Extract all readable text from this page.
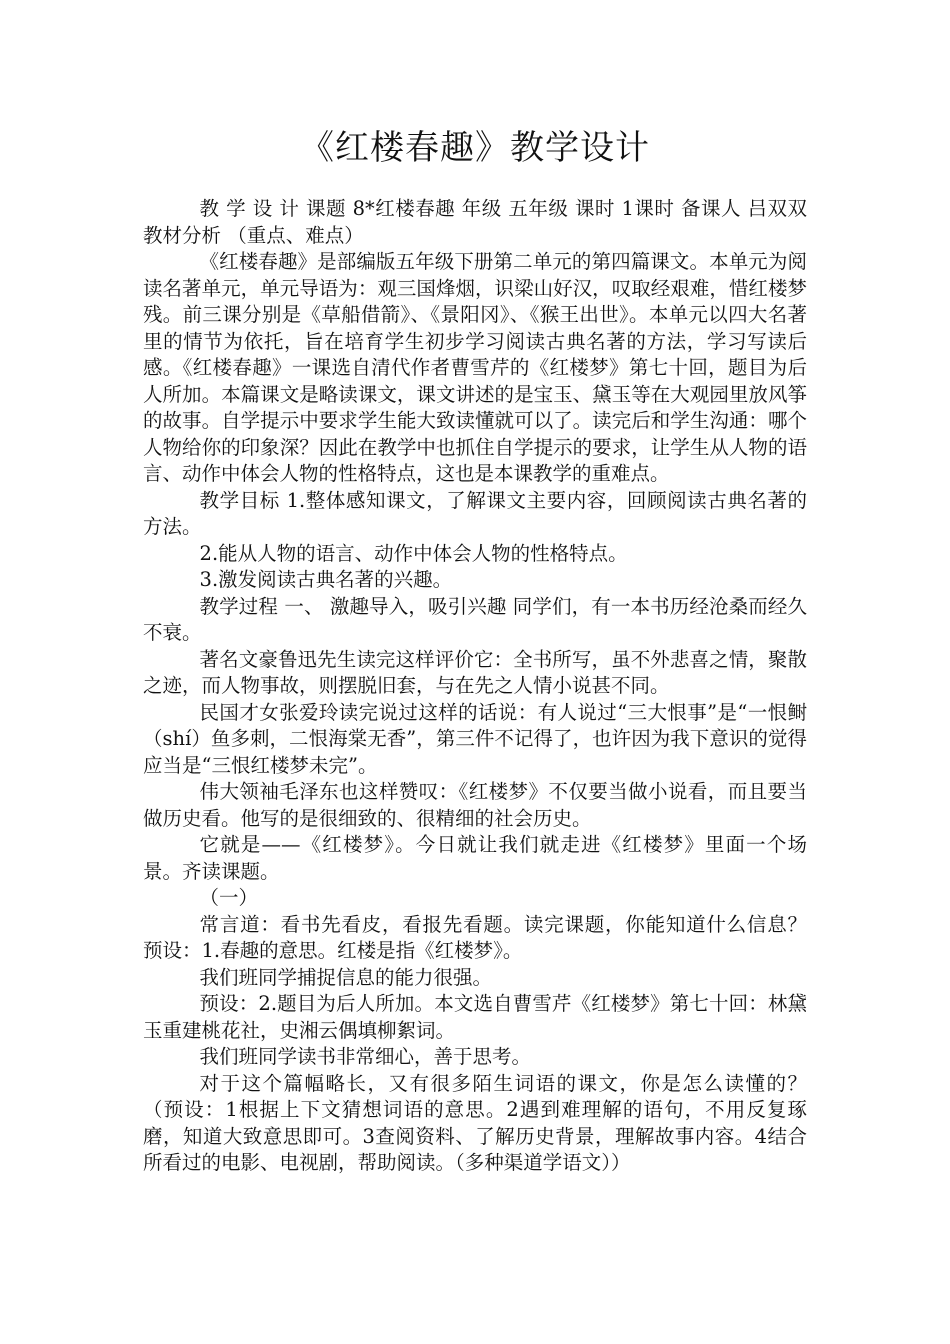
《红楼春趣》教学设计

教 学 设 计 课题 8*红楼春趣 年级 五年级 课时 1课时 备课人 吕双双 教材分析 （重点、难点）

《红楼春趣》是部编版五年级下册第二单元的第四篇课文。本单元为阅读名著单元，单元导语为：观三国烽烟，识梁山好汉，叹取经艰难，惜红楼梦残。前三课分别是《草船借箭》、《景阳冈》、《猴王出世》。本单元以四大名著里的情节为依托，旨在培育学生初步学习阅读古典名著的方法，学习写读后感。《红楼春趣》一课选自清代作者曹雪芹的《红楼梦》第七十回，题目为后人所加。本篇课文是略读课文，课文讲述的是宝玉、黛玉等在大观园里放风筝的故事。自学提示中要求学生能大致读懂就可以了。读完后和学生沟通：哪个人物给你的印象深？因此在教学中也抓住自学提示的要求，让学生从人物的语言、动作中体会人物的性格特点，这也是本课教学的重难点。

教学目标 1.整体感知课文，了解课文主要内容，回顾阅读古典名著的方法。

2.能从人物的语言、动作中体会人物的性格特点。

3.激发阅读古典名著的兴趣。

教学过程 一、 激趣导入，吸引兴趣 同学们，有一本书历经沧桑而经久不衰。

著名文豪鲁迅先生读完这样评价它：全书所写，虽不外悲喜之情，聚散之迹，而人物事故，则摆脱旧套，与在先之人情小说甚不同。

民国才女张爱玲读完说过这样的话说：有人说过“三大恨事”是“一恨鲥（shí）鱼多刺，二恨海棠无香”，第三件不记得了，也许因为我下意识的觉得应当是“三恨红楼梦未完”。

伟大领袖毛泽东也这样赞叹：《红楼梦》不仅要当做小说看，而且要当做历史看。他写的是很细致的、很精细的社会历史。

它就是——《红楼梦》。今日就让我们就走进《红楼梦》里面一个场景。齐读课题。

（一）

常言道：看书先看皮，看报先看题。读完课题，你能知道什么信息？ 预设：1.春趣的意思。红楼是指《红楼梦》。

我们班同学捕捉信息的能力很强。

预设：2.题目为后人所加。本文选自曹雪芹《红楼梦》第七十回：林黛玉重建桃花社，史湘云偶填柳絮词。

我们班同学读书非常细心，善于思考。

对于这个篇幅略长，又有很多陌生词语的课文，你是怎么读懂的？ （预设：1根据上下文猜想词语的意思。2遇到难理解的语句，不用反复琢磨，知道大致意思即可。3查阅资料、了解历史背景，理解故事内容。4结合所看过的电影、电视剧，帮助阅读。（多种渠道学语文））
